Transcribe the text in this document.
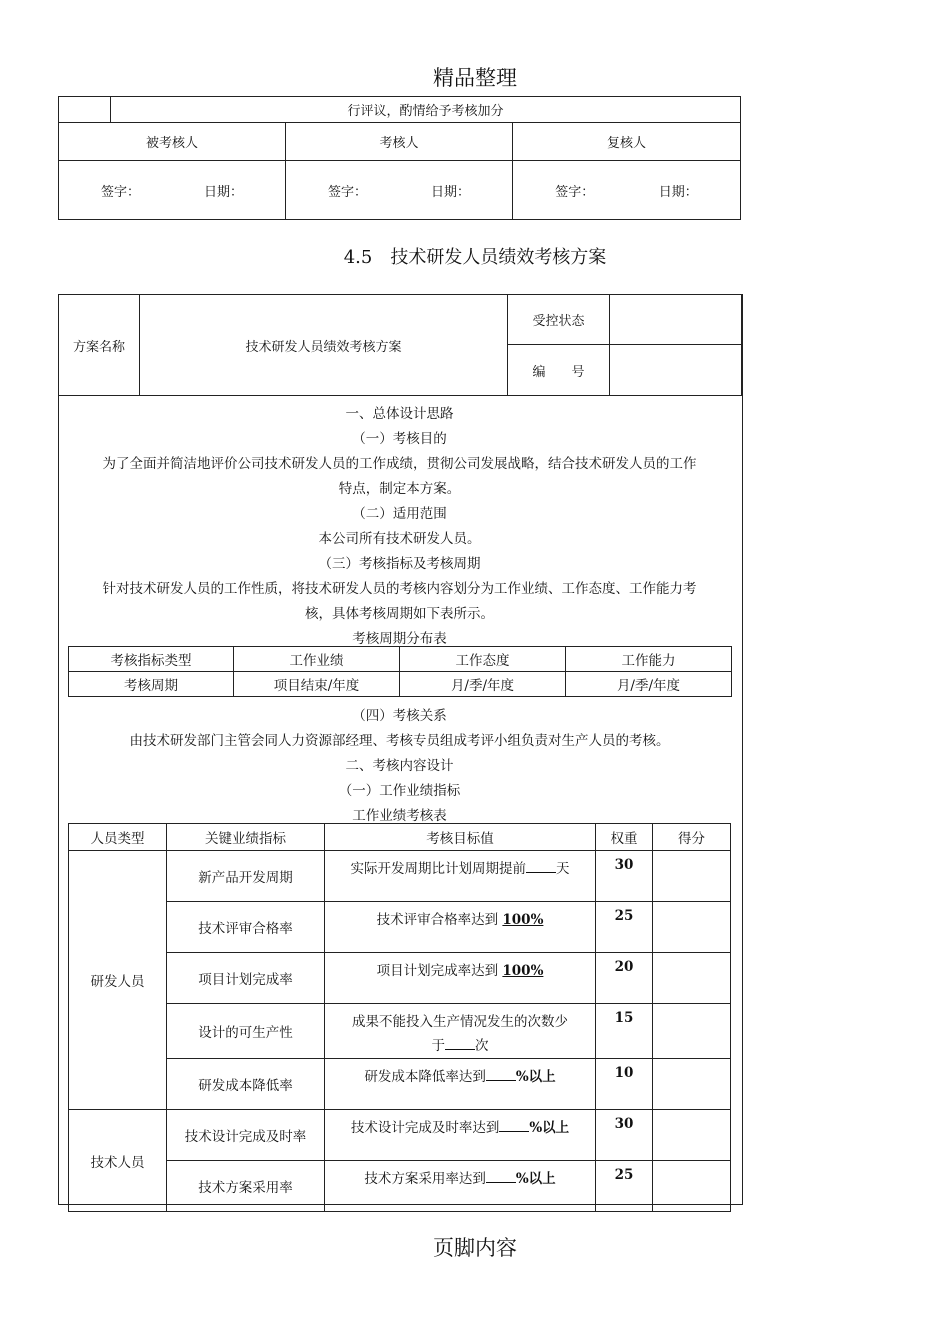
精品整理
	行评议，酌情给予考核加分		
被考核人		考核人	复核人

签字： 日期：		签字： 日期：	签字： 日期：
4.5　技术研发人员绩效考核方案
方案名称	技术研发人员绩效考核方案	受控状态	
		编　　号	
一、总体设计思路
（一）考核目的
为了全面并简洁地评价公司技术研发人员的工作成绩，贯彻公司发展战略，结合技术研发人员的工作
特点，制定本方案。
（二）适用范围
本公司所有技术研发人员。
（三）考核指标及考核周期
针对技术研发人员的工作性质，将技术研发人员的考核内容划分为工作业绩、工作态度、工作能力考
核，具体考核周期如下表所示。
考核周期分布表
考核指标类型	工作业绩	工作态度	工作能力
考核周期	项目结束/年度	月/季/年度	月/季/年度
（四）考核关系
由技术研发部门主管会同人力资源部经理、考核专员组成考评小组负责对生产人员的考核。
二、考核内容设计
（一）工作业绩指标
工作业绩考核表
人员类型	关键业绩指标	考核目标值	权重	得分
研发人员	新产品开发周期	实际开发周期比计划周期提前 天	30	
	技术评审合格率	技术评审合格率达到 100%	25	
	项目计划完成率	项目计划完成率达到 100%	20	
	设计的可生产性	成果不能投入生产情况发生的次数少
于 次	15	
	研发成本降低率	研发成本降低率达到 %以上	10	
技术人员	技术设计完成及时率	技术设计完成及时率达到 %以上	30	
	技术方案采用率	技术方案采用率达到 %以上	25	
页脚内容
